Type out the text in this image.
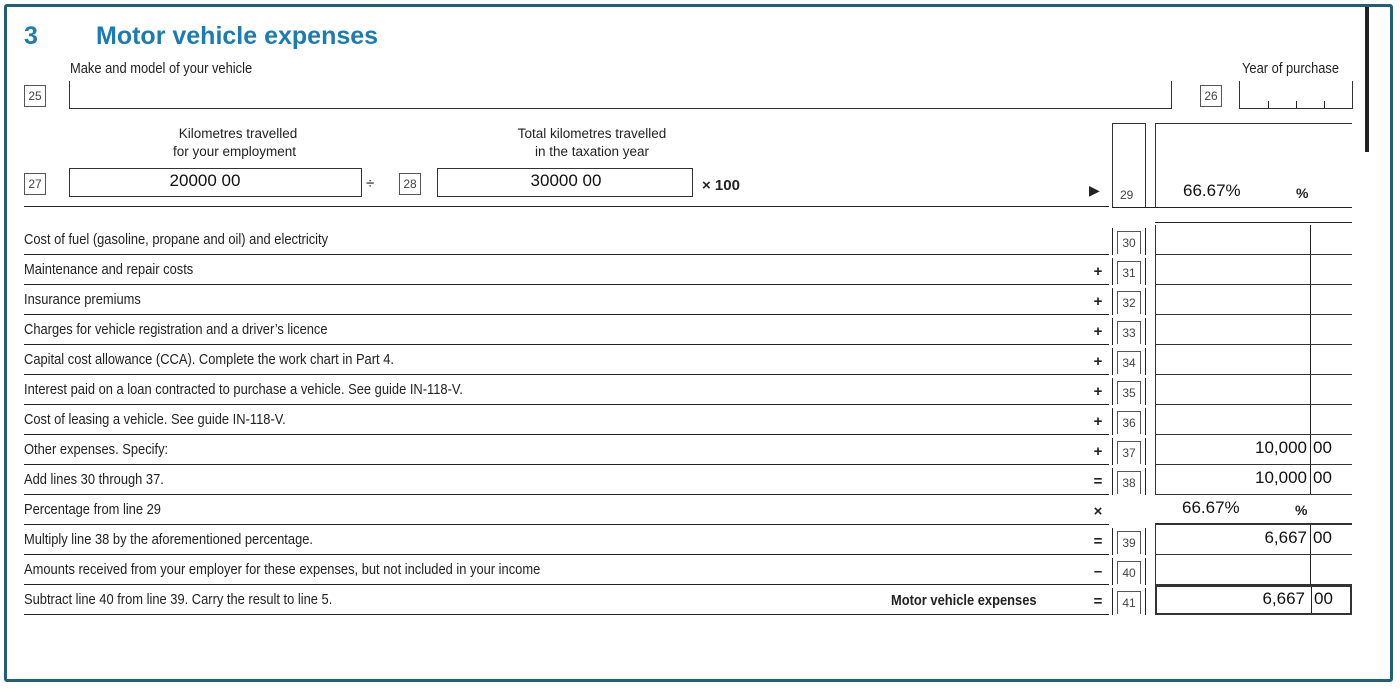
3 Motor vehicle expenses
Make and model of your vehicle	Year of purchase
25	26
Kilometres travelled
for your employment
Total kilometres travelled
in the taxation year
27	20000 00	÷	28	30000 00	× 100	▶ 29	66.67%	%
Cost of fuel (gasoline, propane and oil) and electricity	30
Maintenance and repair costs	+	31
Insurance premiums	+	32
Charges for vehicle registration and a driver’s licence	+	33
Capital cost allowance (CCA). Complete the work chart in Part 4.	+	34
Interest paid on a loan contracted to purchase a vehicle. See guide IN-118-V.	+	35
Cost of leasing a vehicle. See guide IN-118-V.	+	36
Other expenses. Specify:	+	37	10,000 00
Add lines 30 through 37.	=	38	10,000 00
Percentage from line 29	×	66.67%	%
Multiply line 38 by the aforementioned percentage.	=	39	6,667 00
Amounts received from your employer for these expenses, but not included in your income	–	40
Subtract line 40 from line 39. Carry the result to line 5.	=	41	6,667 00
Motor vehicle expenses
